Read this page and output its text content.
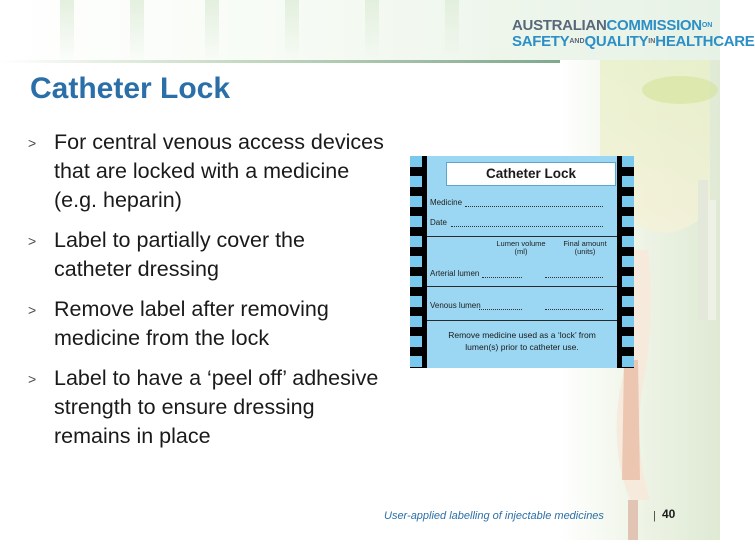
AUSTRALIANCOMMISSIONON
SAFETYANDQUALITYINHEALTHCARE
Catheter Lock
> For central venous access devices that are locked with a medicine (e.g. heparin)
> Label to partially cover the catheter dressing
> Remove label after removing medicine from the lock
> Label to have a ‘peel off’ adhesive strength to ensure dressing remains in place
Catheter Lock
Medicine
Date
Lumen volume (ml)
Final amount (units)
Arterial lumen
Venous lumen
Remove medicine used as a ‘lock’ from lumen(s) prior to catheter use.
User-applied labelling of injectable medicines	| 40
